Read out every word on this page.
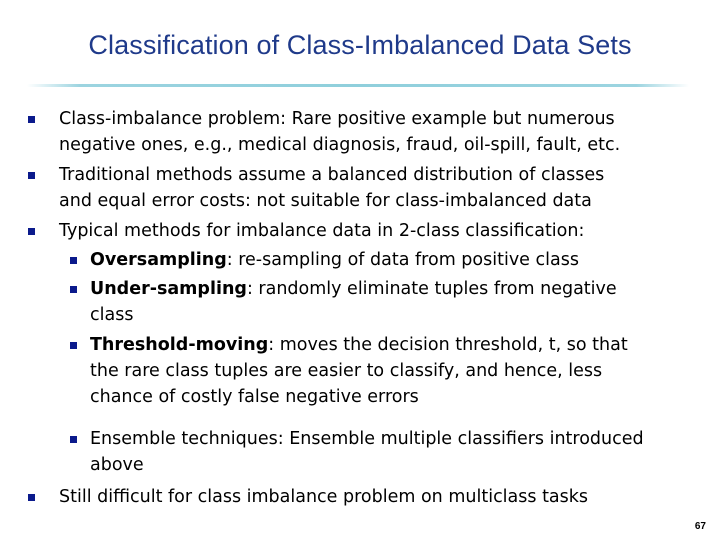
Classification of Class-Imbalanced Data Sets
Class-imbalance problem: Rare positive example but numerous
negative ones, e.g., medical diagnosis, fraud, oil-spill, fault, etc.
Traditional methods assume a balanced distribution of classes
and equal error costs: not suitable for class-imbalanced data
Typical methods for imbalance data in 2-class classification:
Oversampling: re-sampling of data from positive class
Under-sampling: randomly eliminate tuples from negative
class
Threshold-moving: moves the decision threshold, t, so that
the rare class tuples are easier to classify, and hence, less
chance of costly false negative errors
Ensemble techniques: Ensemble multiple classifiers introduced
above
Still difficult for class imbalance problem on multiclass tasks
67
